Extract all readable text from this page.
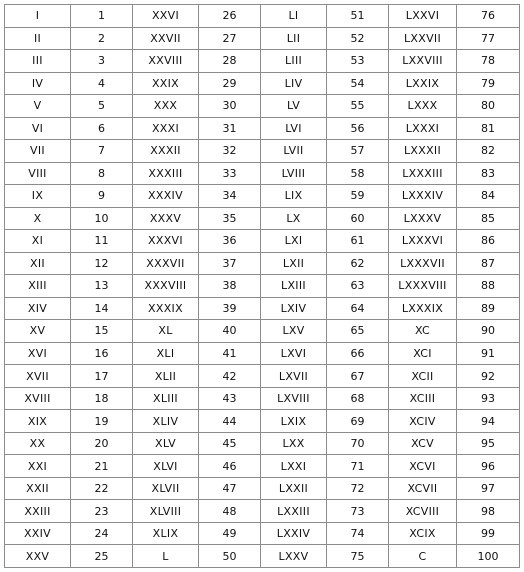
I	1	XXVI	26	LI	51	LXXVI	76
II	2	XXVII	27	LII	52	LXXVII	77
III	3	XXVIII	28	LIII	53	LXXVIII	78
IV	4	XXIX	29	LIV	54	LXXIX	79
V	5	XXX	30	LV	55	LXXX	80
VI	6	XXXI	31	LVI	56	LXXXI	81
VII	7	XXXII	32	LVII	57	LXXXII	82
VIII	8	XXXIII	33	LVIII	58	LXXXIII	83
IX	9	XXXIV	34	LIX	59	LXXXIV	84
X	10	XXXV	35	LX	60	LXXXV	85
XI	11	XXXVI	36	LXI	61	LXXXVI	86
XII	12	XXXVII	37	LXII	62	LXXXVII	87
XIII	13	XXXVIII	38	LXIII	63	LXXXVIII	88
XIV	14	XXXIX	39	LXIV	64	LXXXIX	89
XV	15	XL	40	LXV	65	XC	90
XVI	16	XLI	41	LXVI	66	XCI	91
XVII	17	XLII	42	LXVII	67	XCII	92
XVIII	18	XLIII	43	LXVIII	68	XCIII	93
XIX	19	XLIV	44	LXIX	69	XCIV	94
XX	20	XLV	45	LXX	70	XCV	95
XXI	21	XLVI	46	LXXI	71	XCVI	96
XXII	22	XLVII	47	LXXII	72	XCVII	97
XXIII	23	XLVIII	48	LXXIII	73	XCVIII	98
XXIV	24	XLIX	49	LXXIV	74	XCIX	99
XXV	25	L	50	LXXV	75	C	100
